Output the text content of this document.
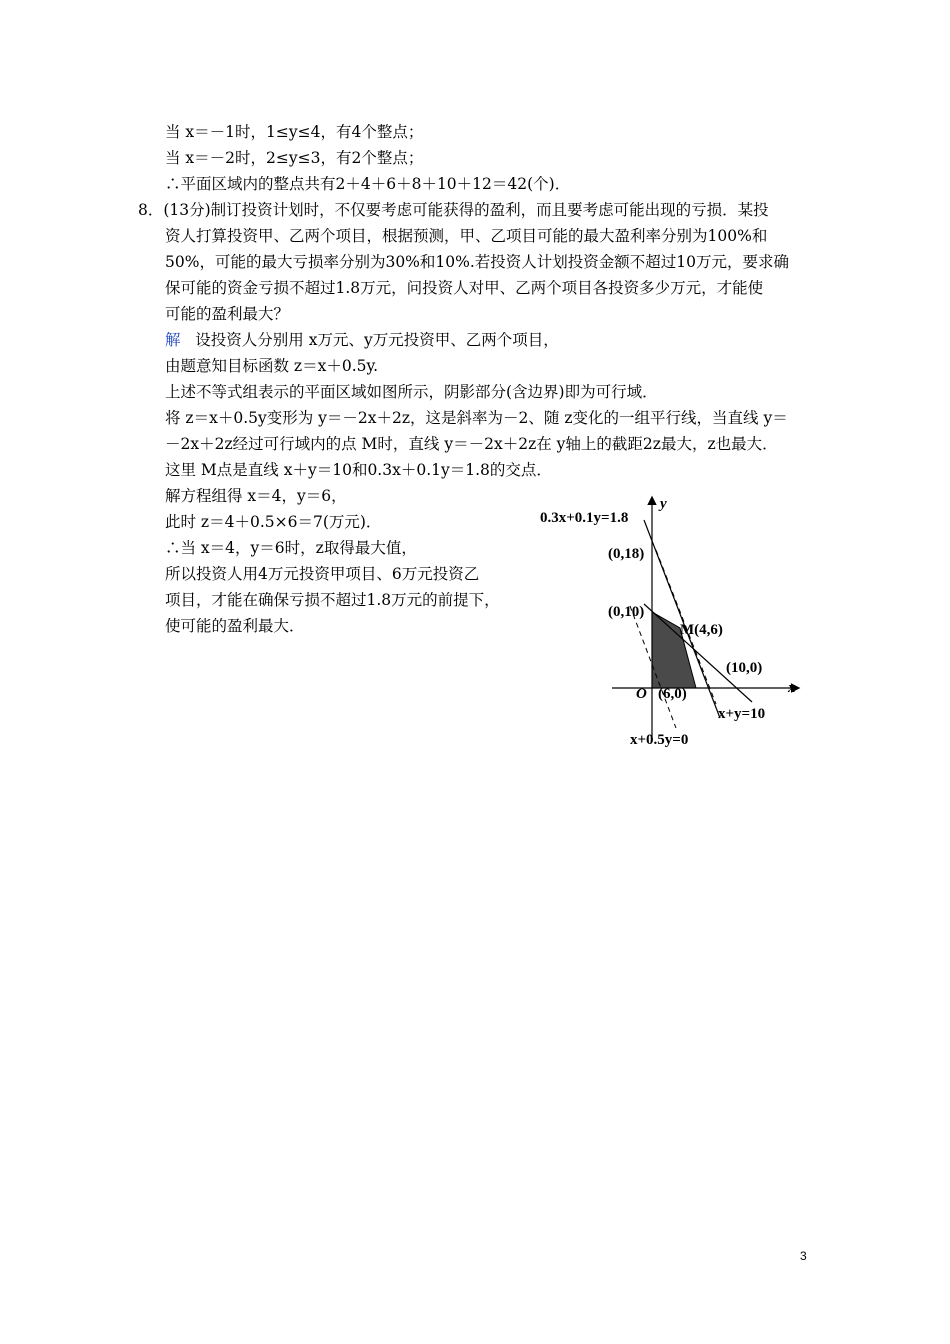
当 x＝－1时，1≤y≤4，有4个整点；
当 x＝－2时，2≤y≤3，有2个整点；
∴平面区域内的整点共有2＋4＋6＋8＋10＋12＝42(个)．
8．(13分)制订投资计划时，不仅要考虑可能获得的盈利，而且要考虑可能出现的亏损．某投
资人打算投资甲、乙两个项目，根据预测，甲、乙项目可能的最大盈利率分别为100%和
50%，可能的最大亏损率分别为30%和10%.若投资人计划投资金额不超过10万元，要求确
保可能的资金亏损不超过1.8万元，问投资人对甲、乙两个项目各投资多少万元，才能使
可能的盈利最大？
解 设投资人分别用 x万元、y万元投资甲、乙两个项目，
由题意知目标函数 z＝x＋0.5y.
上述不等式组表示的平面区域如图所示，阴影部分(含边界)即为可行域．
将 z＝x＋0.5y变形为 y＝－2x＋2z，这是斜率为－2、随 z变化的一组平行线，当直线 y＝
－2x＋2z经过可行域内的点 M时，直线 y＝－2x＋2z在 y轴上的截距2z最大，z也最大．
这里 M点是直线 x＋y＝10和0.3x＋0.1y＝1.8的交点．
解方程组得 x＝4，y＝6，
此时 z＝4＋0.5×6＝7(万元)．
∴当 x＝4，y＝6时，z取得最大值，
所以投资人用4万元投资甲项目、6万元投资乙
项目，才能在确保亏损不超过1.8万元的前提下，
使可能的盈利最大．
0.3x+0.1y=1.8
y
(0,18)
(0,10)
M(4,6)
(10,0)
x
O (6,0)
x+y=10
x+0.5y=0
3
